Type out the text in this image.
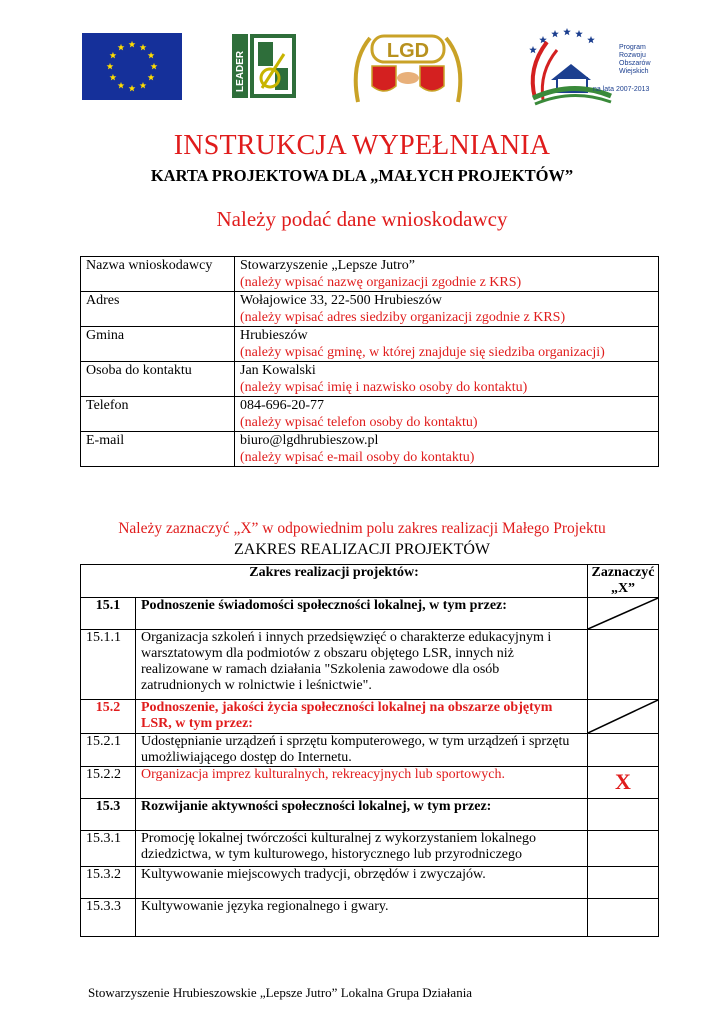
LEADER	LGD	Program
Rozwoju
Obszarów
Wiejskich
na lata 2007-2013
INSTRUKCJA WYPEŁNIANIA
KARTA PROJEKTOWA DLA „MAŁYCH PROJEKTÓW”
Należy podać dane wnioskodawcy
Nazwa wnioskodawcy	Stowarzyszenie „Lepsze Jutro”
(należy wpisać nazwę organizacji zgodnie z KRS)

Adres	Wołajowice 33, 22-500 Hrubieszów
(należy wpisać adres siedziby organizacji zgodnie z KRS)

Gmina	Hrubieszów
(należy wpisać gminę, w której znajduje się siedziba organizacji)

Osoba do kontaktu	Jan Kowalski
(należy wpisać imię i nazwisko osoby do kontaktu)

Telefon	084-696-20-77
(należy wpisać telefon osoby do kontaktu)

E-mail	biuro@lgdhrubieszow.pl
(należy wpisać e-mail osoby do kontaktu)
Należy zaznaczyć „X” w odpowiednim polu zakres realizacji Małego Projektu
ZAKRES REALIZACJI PROJEKTÓW
Zakres realizacji projektów:		Zaznaczyć
„X”

15.1	Podnoszenie świadomości społeczności lokalnej, w tym przez:	

15.1.1	Organizacja szkoleń i innych przedsięwzięć o charakterze edukacyjnym i warsztatowym dla podmiotów z obszaru objętego LSR, innych niż realizowane w ramach działania "Szkolenia zawodowe dla osób zatrudnionych w rolnictwie i leśnictwie".	

15.2	Podnoszenie, jakości życia społeczności lokalnej na obszarze objętym LSR, w tym przez:	

15.2.1	Udostępnianie urządzeń i sprzętu komputerowego, w tym urządzeń i sprzętu umożliwiającego dostęp do Internetu.	

15.2.2	Organizacja imprez kulturalnych, rekreacyjnych lub sportowych.	X

15.3	Rozwijanie aktywności społeczności lokalnej, w tym przez:	

15.3.1	Promocję lokalnej twórczości kulturalnej z wykorzystaniem lokalnego dziedzictwa, w tym kulturowego, historycznego lub przyrodniczego	

15.3.2	Kultywowanie miejscowych tradycji, obrzędów i zwyczajów.	

15.3.3	Kultywowanie języka regionalnego i gwary.	
Stowarzyszenie Hrubieszowskie „Lepsze Jutro” Lokalna Grupa Działania
